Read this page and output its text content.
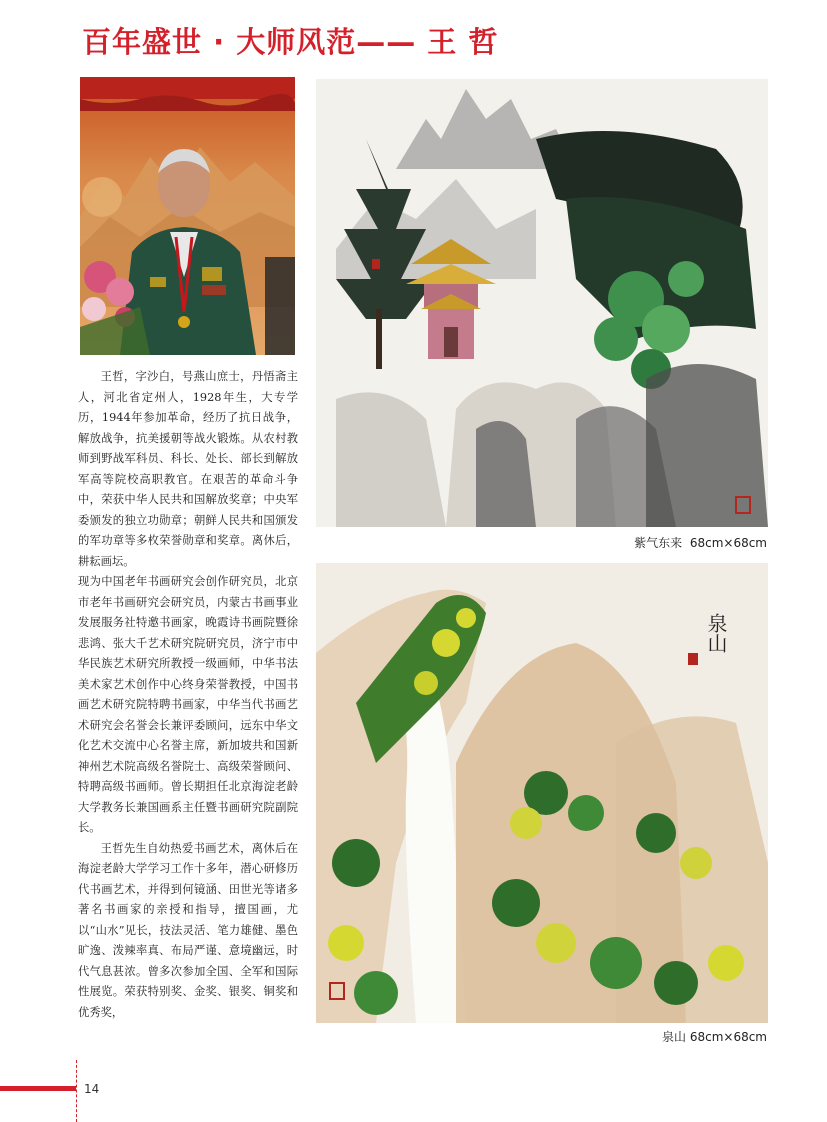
百年盛世 · 大师风范—— 王 哲

王哲，字沙白，号燕山庶士，丹悟斋主人，河北省定州人，1928年生，大专学历，1944年参加革命，经历了抗日战争，解放战争，抗美援朝等战火锻炼。从农村教师到野战军科员、科长、处长、部长到解放军高等院校高职教官。在艰苦的革命斗争中，荣获中华人民共和国解放奖章；中央军委颁发的独立功勋章；朝鲜人民共和国颁发的军功章等多枚荣誉勋章和奖章。离休后，耕耘画坛。

现为中国老年书画研究会创作研究员，北京市老年书画研究会研究员，内蒙古书画事业发展服务社特邀书画家，晚霞诗书画院暨徐悲鸿、张大千艺术研究院研究员，济宁市中华民族艺术研究所教授一级画师，中华书法美术家艺术创作中心终身荣誉教授，中国书画艺术研究院特聘书画家，中华当代书画艺术研究会名誉会长兼评委顾问，远东中华文化艺术交流中心名誉主席，新加坡共和国新神州艺术院高级名誉院士、高级荣誉顾问、特聘高级书画师。曾长期担任北京海淀老龄大学教务长兼国画系主任暨书画研究院副院长。

王哲先生自幼热爱书画艺术，离休后在海淀老龄大学学习工作十多年，潜心研修历代书画艺术，并得到何镜涵、田世光等诸多著名书画家的亲授和指导，擅国画，尤以“山水”见长，技法灵活、笔力雄健、墨色旷逸、泼辣率真、布局严谨、意境幽远，时代气息甚浓。曾多次参加全国、全军和国际性展览。荣获特别奖、金奖、银奖、铜奖和优秀奖，

紫气东来 68cm×68cm
泉山
泉山 68cm×68cm
14
